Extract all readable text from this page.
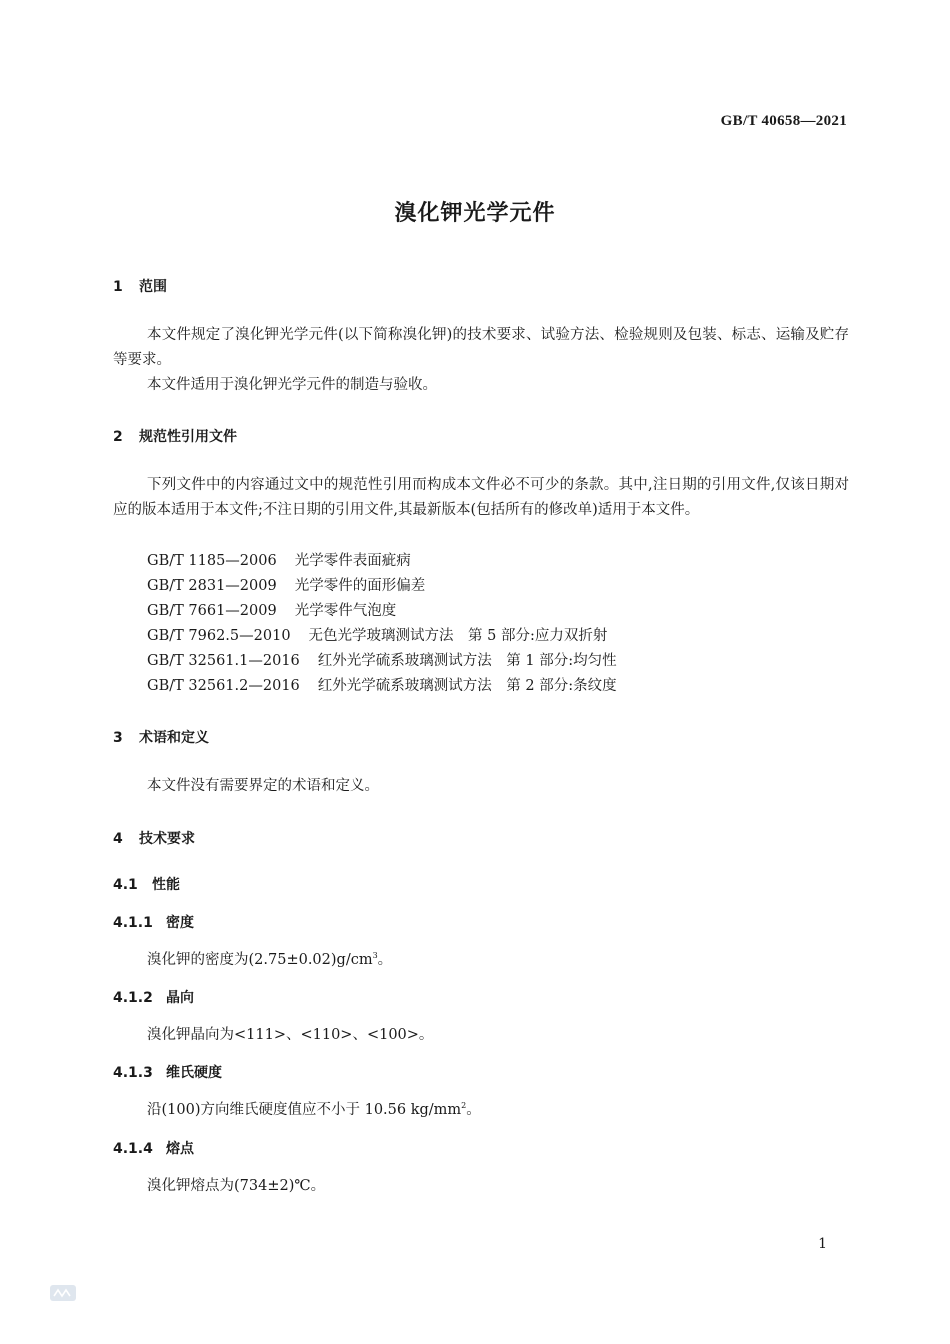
GB/T 40658—2021
溴化钾光学元件
1 范围
本文件规定了溴化钾光学元件(以下简称溴化钾)的技术要求、试验方法、检验规则及包装、标志、运输及贮存等要求。
本文件适用于溴化钾光学元件的制造与验收。
2 规范性引用文件
下列文件中的内容通过文中的规范性引用而构成本文件必不可少的条款。其中,注日期的引用文件,仅该日期对应的版本适用于本文件;不注日期的引用文件,其最新版本(包括所有的修改单)适用于本文件。
GB/T 1185—2006 光学零件表面疵病
GB/T 2831—2009 光学零件的面形偏差
GB/T 7661—2009 光学零件气泡度
GB/T 7962.5—2010 无色光学玻璃测试方法　第 5 部分:应力双折射
GB/T 32561.1—2016 红外光学硫系玻璃测试方法　第 1 部分:均匀性
GB/T 32561.2—2016 红外光学硫系玻璃测试方法　第 2 部分:条纹度
3 术语和定义
本文件没有需要界定的术语和定义。
4 技术要求
4.1 性能
4.1.1 密度
溴化钾的密度为$(2.75\pm 0.02)g/cm^3$。
4.1.2 晶向
溴化钾晶向为<111>、<110>、<100>。
4.1.3 维氏硬度
沿(100)方向维氏硬度值应不小于 10.56 $kg/mm^2$。
4.1.4 熔点
溴化钾熔点为(734±2)℃。
1
